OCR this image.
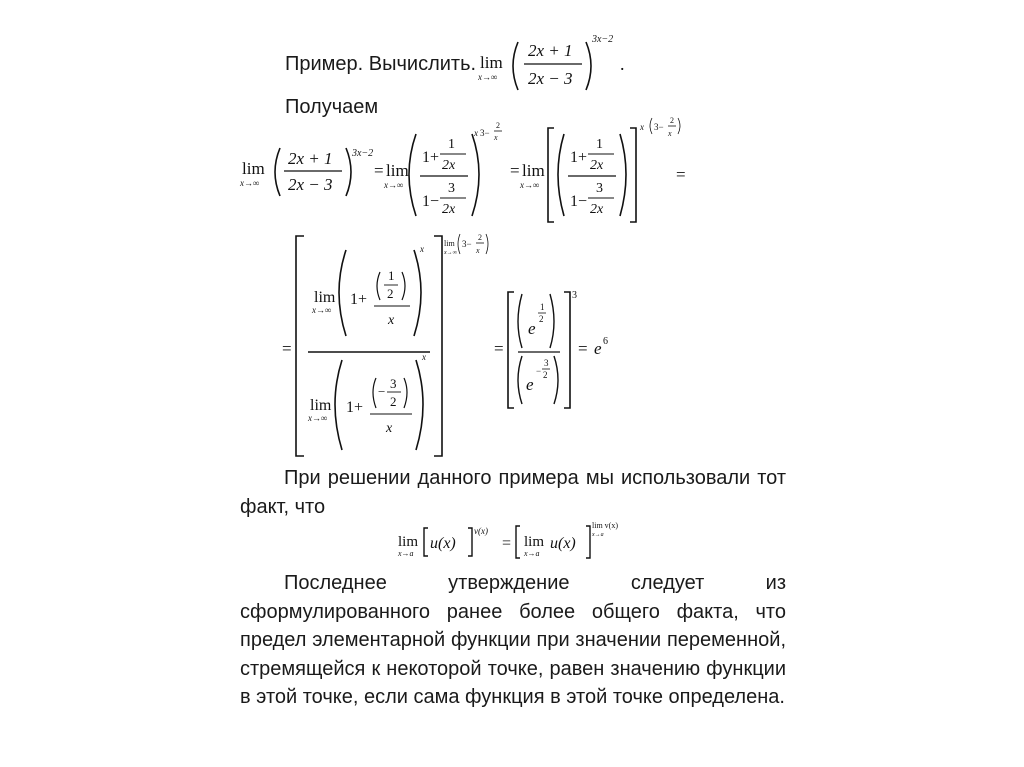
Пример. Вычислить.
Получаем
lim
x→∞
2x + 1
2x − 3
3x−2
.
lim
x→∞
2x + 1
2x − 3
3x−2
= lim
x→∞
1+
1
2x
1−
3
2x
x 3−
2
x
= lim
x→∞
1+
1
2x
1−
3
2x
x 3−
2
x
=
=
lim
x→∞
1+
1
2
x
x
lim
x→∞
1+
−
3
2
x
x
lim
x→∞
3−
2
x
=
e
1
2
e
−
3
2
3
= e 6

При решении данного примера мы использовали тот факт, что

lim
x→a
u(x)
v(x)
= lim
x→a
u(x)
lim v(x)
x→a

Последнее утверждение следует из сформулированного ранее более общего факта, что предел элементарной функции при значении переменной, стремящейся к некоторой точке, равен значению функции в этой точке, если сама функция в этой точке определена.
